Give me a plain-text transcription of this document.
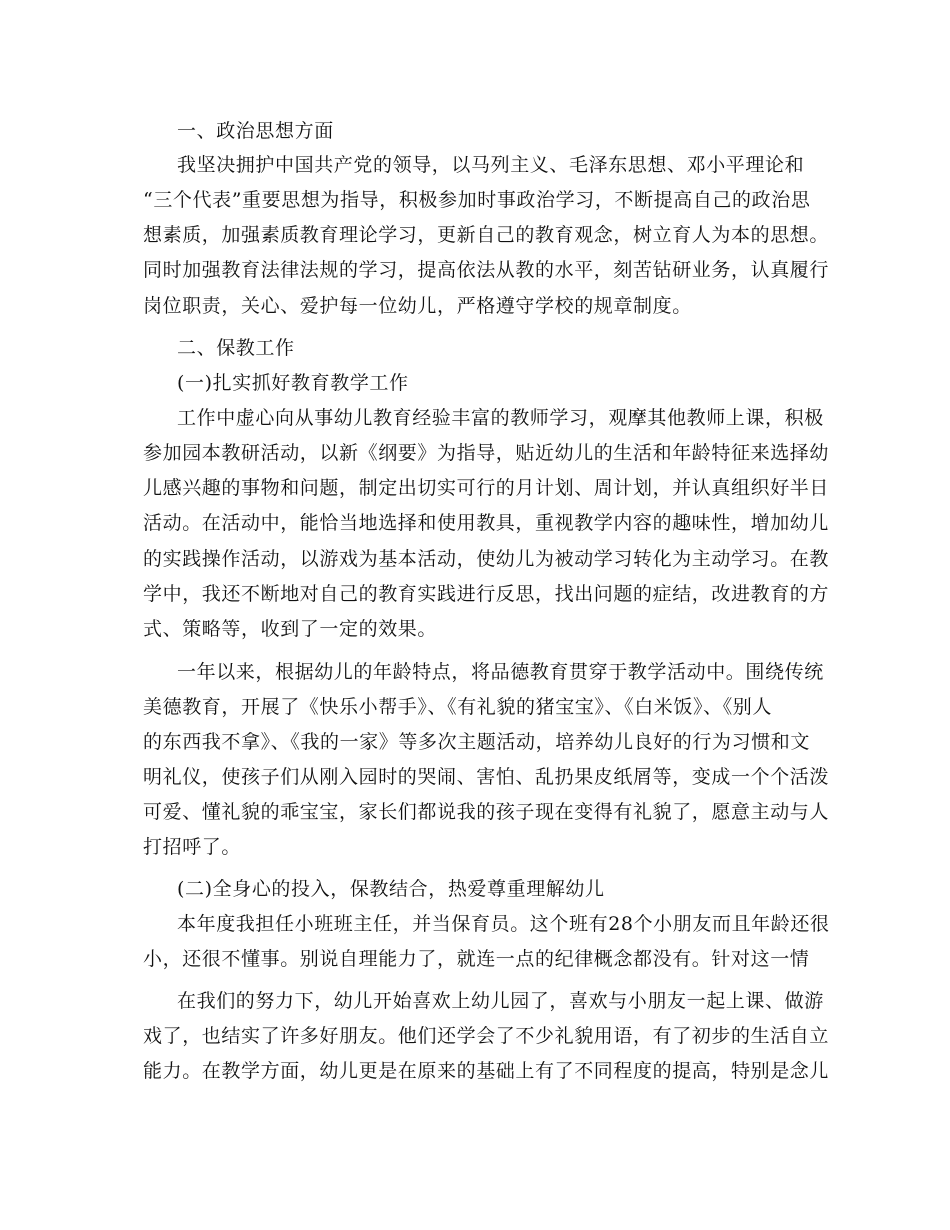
一、政治思想方面
我坚决拥护中国共产党的领导，以马列主义、毛泽东思想、邓小平理论和
“三个代表”重要思想为指导，积极参加时事政治学习，不断提高自己的政治思
想素质，加强素质教育理论学习，更新自己的教育观念，树立育人为本的思想。
同时加强教育法律法规的学习，提高依法从教的水平，刻苦钻研业务，认真履行
岗位职责，关心、爱护每一位幼儿，严格遵守学校的规章制度。
二、保教工作
(一)扎实抓好教育教学工作
工作中虚心向从事幼儿教育经验丰富的教师学习，观摩其他教师上课，积极
参加园本教研活动，以新《纲要》为指导，贴近幼儿的生活和年龄特征来选择幼
儿感兴趣的事物和问题，制定出切实可行的月计划、周计划，并认真组织好半日
活动。在活动中，能恰当地选择和使用教具，重视教学内容的趣味性，增加幼儿
的实践操作活动，以游戏为基本活动，使幼儿为被动学习转化为主动学习。在教
学中，我还不断地对自己的教育实践进行反思，找出问题的症结，改进教育的方
式、策略等，收到了一定的效果。
一年以来，根据幼儿的年龄特点，将品德教育贯穿于教学活动中。围绕传统
美德教育，开展了《快乐小帮手》、《有礼貌的猪宝宝》、《白米饭》、《别人
的东西我不拿》、《我的一家》等多次主题活动，培养幼儿良好的行为习惯和文
明礼仪，使孩子们从刚入园时的哭闹、害怕、乱扔果皮纸屑等，变成一个个活泼
可爱、懂礼貌的乖宝宝，家长们都说我的孩子现在变得有礼貌了，愿意主动与人
打招呼了。
(二)全身心的投入，保教结合，热爱尊重理解幼儿
本年度我担任小班班主任，并当保育员。这个班有28个小朋友而且年龄还很
小，还很不懂事。别说自理能力了，就连一点的纪律概念都没有。针对这一情
在我们的努力下，幼儿开始喜欢上幼儿园了，喜欢与小朋友一起上课、做游
戏了，也结实了许多好朋友。他们还学会了不少礼貌用语，有了初步的生活自立
能力。在教学方面，幼儿更是在原来的基础上有了不同程度的提高，特别是念儿
